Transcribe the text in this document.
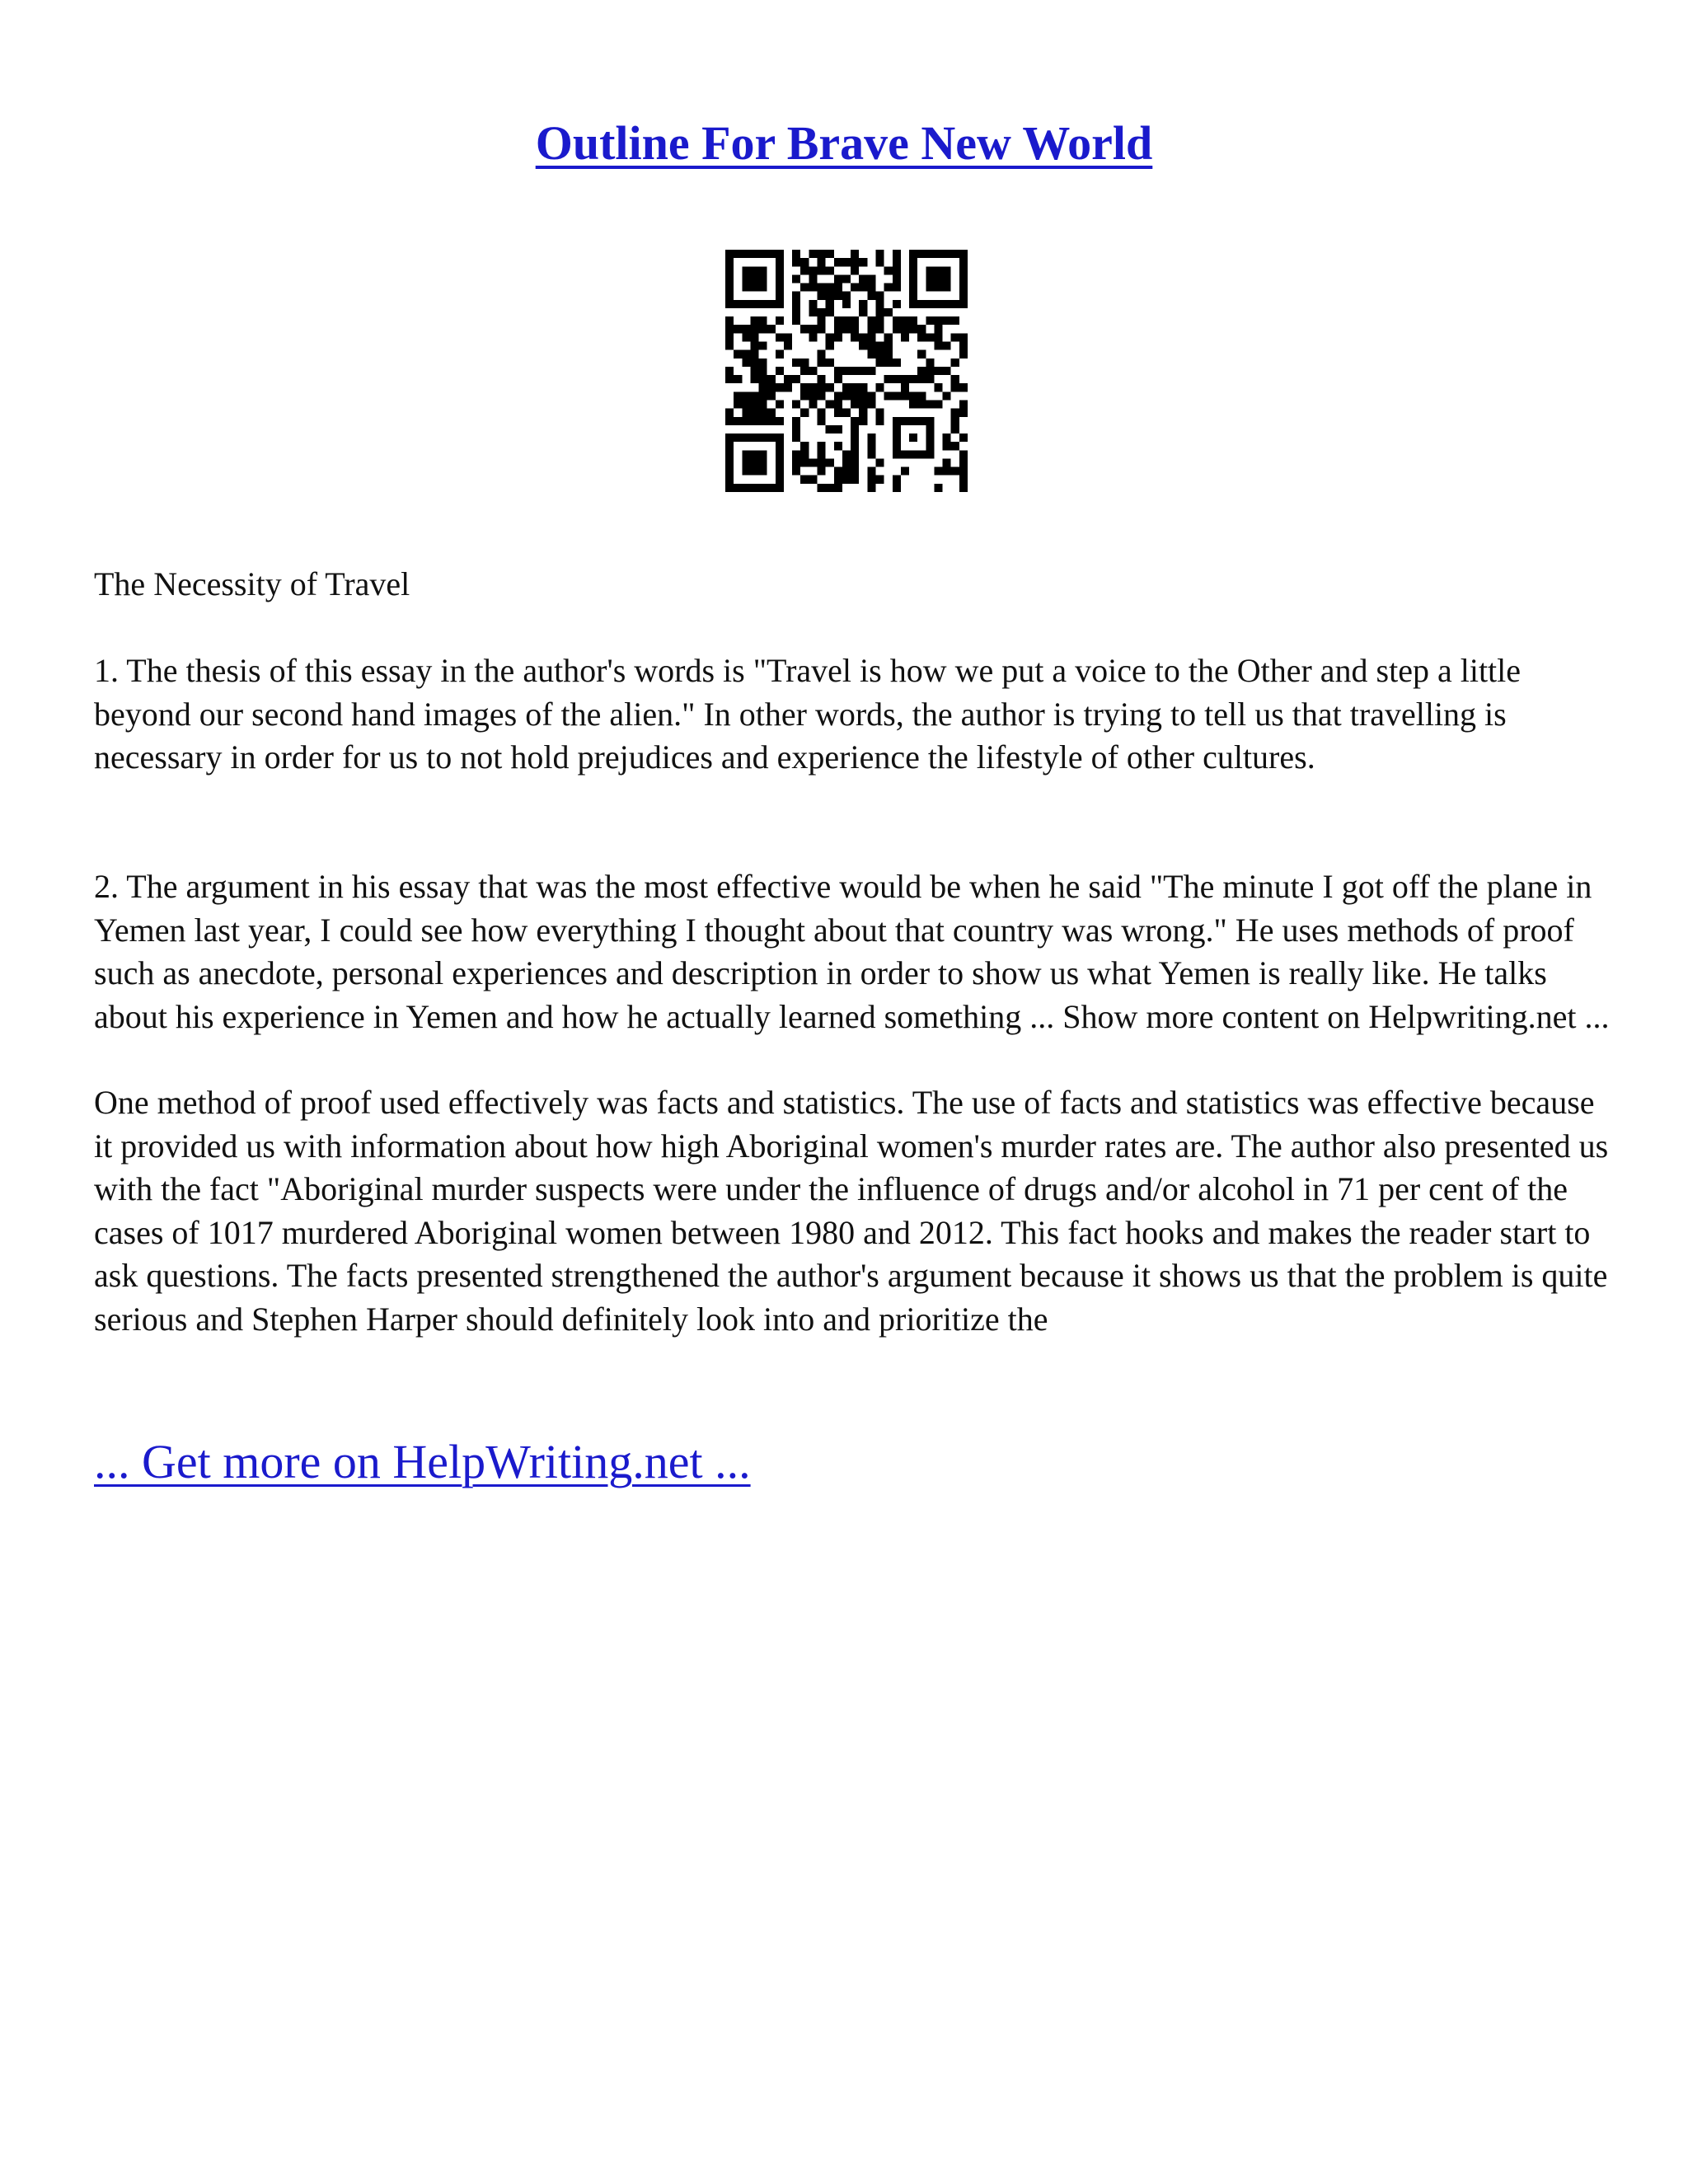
Outline For Brave New World

The Necessity of Travel

1. The thesis of this essay in the author's words is "Travel is how we put a voice to the Other and step a little beyond our second hand images of the alien." In other words, the author is trying to tell us that travelling is necessary in order for us to not hold prejudices and experience the lifestyle of other cultures.

2. The argument in his essay that was the most effective would be when he said "The minute I got off the plane in Yemen last year, I could see how everything I thought about that country was wrong." He uses methods of proof such as anecdote, personal experiences and description in order to show us what Yemen is really like. He talks about his experience in Yemen and how he actually learned something ... Show more content on Helpwriting.net ...

One method of proof used effectively was facts and statistics. The use of facts and statistics was effective because it provided us with information about how high Aboriginal women's murder rates are. The author also presented us with the fact "Aboriginal murder suspects were under the influence of drugs and/or alcohol in 71 per cent of the cases of 1017 murdered Aboriginal women between 1980 and 2012. This fact hooks and makes the reader start to ask questions. The facts presented strengthened the author's argument because it shows us that the problem is quite serious and Stephen Harper should definitely look into and prioritize the

... Get more on HelpWriting.net ...
